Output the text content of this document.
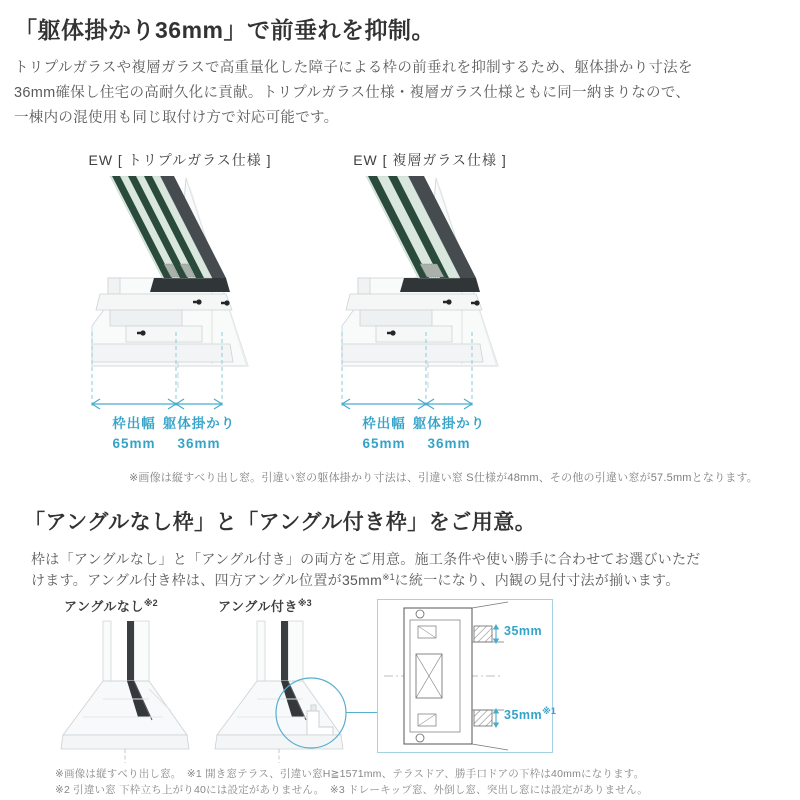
「躯体掛かり36mm」で前垂れを抑制。
トリプルガラスや複層ガラスで高重量化した障子による枠の前垂れを抑制するため、躯体掛かり寸法を
36mm確保し住宅の高耐久化に貢献。トリプルガラス仕様・複層ガラス仕様ともに同一納まりなので、
一棟内の混使用も同じ取付け方で対応可能です。
EW [ トリプルガラス仕様 ]
枠出幅
65mm
躯体掛かり
36mm
EW [ 複層ガラス仕様 ]
枠出幅
65mm
躯体掛かり
36mm
※画像は縦すべり出し窓。引違い窓の躯体掛かり寸法は、引違い窓 S仕様が48mm、その他の引違い窓が57.5mmとなります。
「アングルなし枠」と「アングル付き枠」をご用意。
枠は「アングルなし」と「アングル付き」の両方をご用意。施工条件や使い勝手に合わせてお選びいただ
けます。アングル付き枠は、四方アングル位置が$35mm^{※1}$に統一になり、内観の見付寸法が揃います。
アングルなし$^{※2}$	アングル付き$^{※3}$
35mm
$35mm^{※1}$
※画像は縦すべり出し窓。　※1 開き窓テラス、引違い窓H≧1571mm、テラスドア、勝手口ドアの下枠は40mmになります。
※2 引違い窓 下枠立ち上がり40には設定がありません。　※3 ドレーキップ窓、外倒し窓、突出し窓には設定がありません。
